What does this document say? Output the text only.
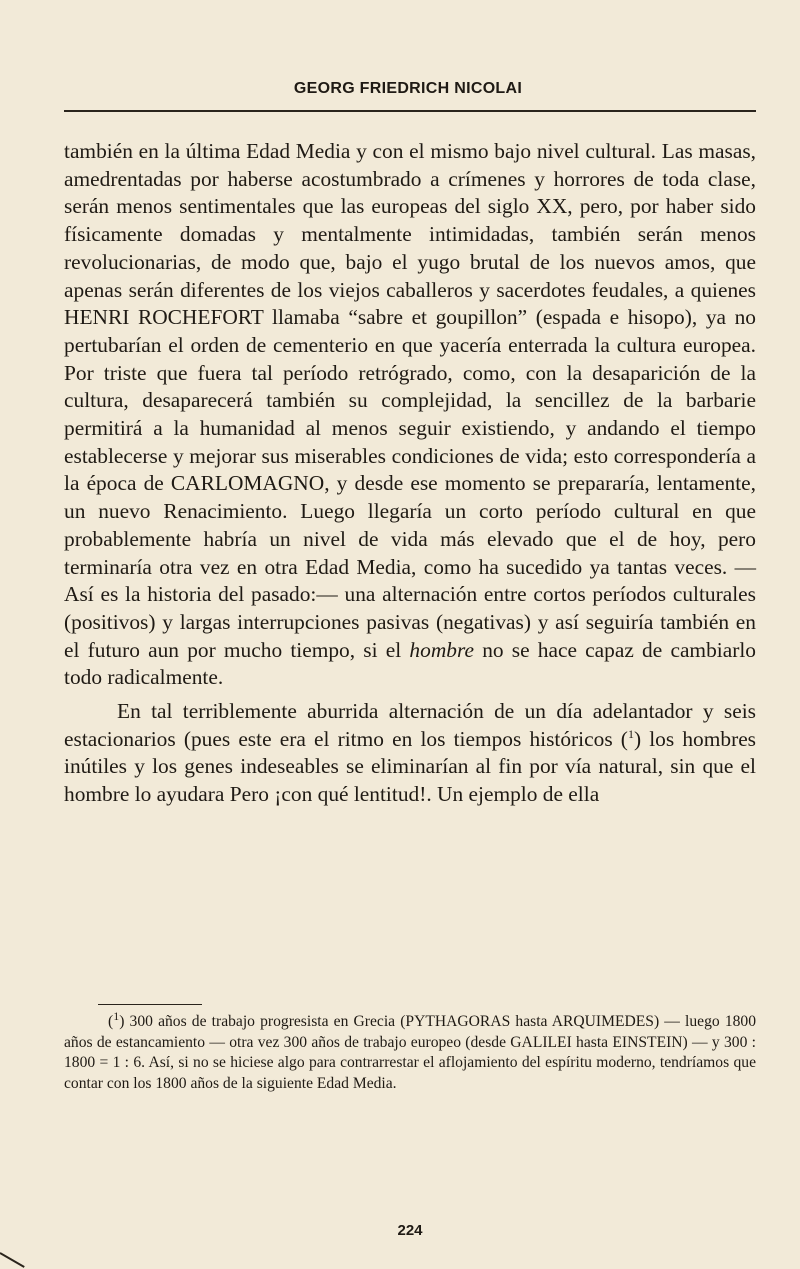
GEORG FRIEDRICH NICOLAI

también en la última Edad Media y con el mismo bajo nivel cultural. Las masas, amedrentadas por haberse acostumbrado a crímenes y horrores de toda clase, serán menos sentimentales que las europeas del siglo XX, pero, por haber sido físicamente domadas y mentalmente intimidadas, también serán menos revolucionarias, de modo que, bajo el yugo brutal de los nuevos amos, que apenas serán diferentes de los viejos caballeros y sacerdotes feudales, a quienes HENRI ROCHEFORT llamaba “sabre et goupillon” (espada e hisopo), ya no pertubarían el orden de cementerio en que yacería enterrada la cultura europea. Por triste que fuera tal período retrógrado, como, con la desaparición de la cultura, desaparecerá también su complejidad, la sencillez de la barbarie permitirá a la humanidad al menos seguir existiendo, y andando el tiempo establecerse y mejorar sus miserables condiciones de vida; esto correspondería a la época de CARLOMAGNO, y desde ese momento se prepararía, lentamente, un nuevo Renacimiento. Luego llegaría un corto período cultural en que probablemente habría un nivel de vida más elevado que el de hoy, pero terminaría otra vez en otra Edad Media, como ha sucedido ya tantas veces. —Así es la historia del pasado:— una alternación entre cortos períodos culturales (positivos) y largas interrupciones pasivas (negativas) y así seguiría también en el futuro aun por mucho tiempo, si el hombre no se hace capaz de cambiarlo todo radicalmente.

En tal terriblemente aburrida alternación de un día adelantador y seis estacionarios (pues este era el ritmo en los tiempos históricos ($^1$) los hombres inútiles y los genes indeseables se eliminarían al fin por vía natural, sin que el hombre lo ayudara Pero ¡con qué lentitud!. Un ejemplo de ella

($^1$) 300 años de trabajo progresista en Grecia (PYTHAGORAS hasta ARQUIMEDES) — luego 1800 años de estancamiento — otra vez 300 años de trabajo europeo (desde GALILEI hasta EINSTEIN) — y 300 : 1800 = 1 : 6. Así, si no se hiciese algo para contrarrestar el aflojamiento del espíritu moderno, tendríamos que contar con los 1800 años de la siguiente Edad Media.
224
